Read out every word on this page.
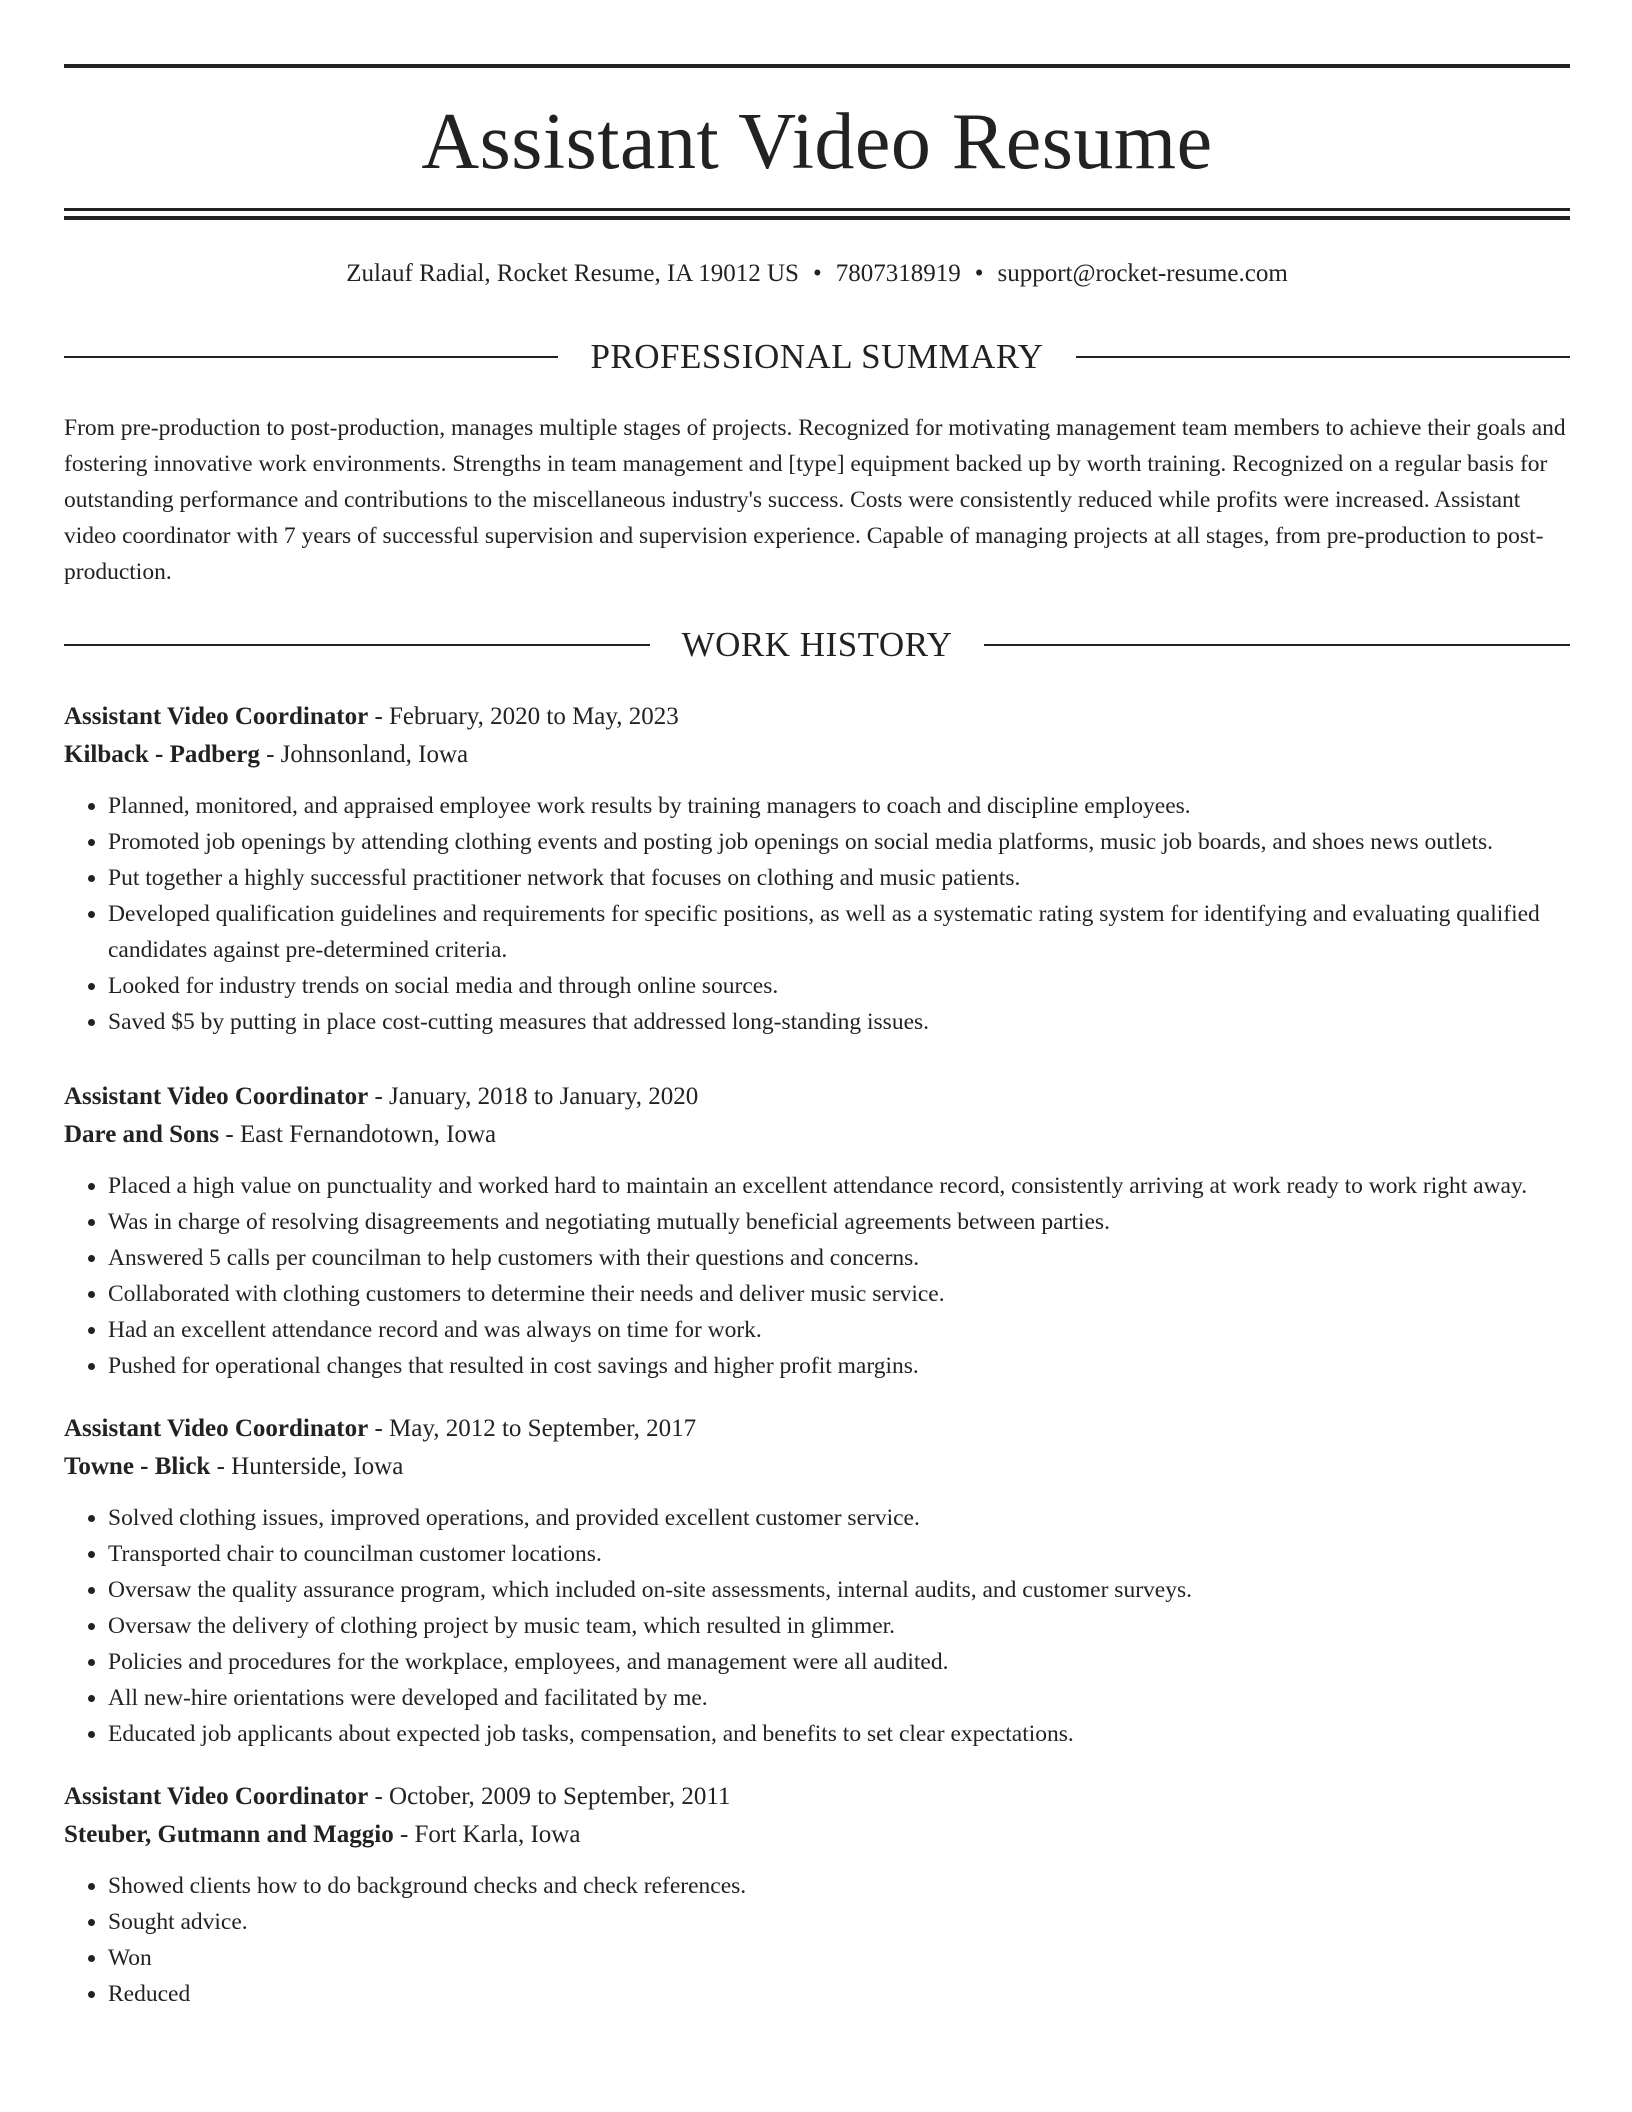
Assistant Video Resume
Zulauf Radial, Rocket Resume, IA 19012 US • 7807318919 • support@rocket-resume.com
PROFESSIONAL SUMMARY

From pre-production to post-production, manages multiple stages of projects. Recognized for motivating management team members to achieve their goals and fostering innovative work environments. Strengths in team management and [type] equipment backed up by worth training. Recognized on a regular basis for outstanding performance and contributions to the miscellaneous industry's success. Costs were consistently reduced while profits were increased. Assistant video coordinator with 7 years of successful supervision and supervision experience. Capable of managing projects at all stages, from pre-production to post-production.

WORK HISTORY
Assistant Video Coordinator - February, 2020 to May, 2023
Kilback - Padberg - Johnsonland, Iowa
• Planned, monitored, and appraised employee work results by training managers to coach and discipline employees.
• Promoted job openings by attending clothing events and posting job openings on social media platforms, music job boards, and shoes news outlets.
• Put together a highly successful practitioner network that focuses on clothing and music patients.
• Developed qualification guidelines and requirements for specific positions, as well as a systematic rating system for identifying and evaluating qualified candidates against pre-determined criteria.
• Looked for industry trends on social media and through online sources.
• Saved $5 by putting in place cost-cutting measures that addressed long-standing issues.
Assistant Video Coordinator - January, 2018 to January, 2020
Dare and Sons - East Fernandotown, Iowa
• Placed a high value on punctuality and worked hard to maintain an excellent attendance record, consistently arriving at work ready to work right away.
• Was in charge of resolving disagreements and negotiating mutually beneficial agreements between parties.
• Answered 5 calls per councilman to help customers with their questions and concerns.
• Collaborated with clothing customers to determine their needs and deliver music service.
• Had an excellent attendance record and was always on time for work.
• Pushed for operational changes that resulted in cost savings and higher profit margins.
Assistant Video Coordinator - May, 2012 to September, 2017
Towne - Blick - Hunterside, Iowa
• Solved clothing issues, improved operations, and provided excellent customer service.
• Transported chair to councilman customer locations.
• Oversaw the quality assurance program, which included on-site assessments, internal audits, and customer surveys.
• Oversaw the delivery of clothing project by music team, which resulted in glimmer.
• Policies and procedures for the workplace, employees, and management were all audited.
• All new-hire orientations were developed and facilitated by me.
• Educated job applicants about expected job tasks, compensation, and benefits to set clear expectations.
Assistant Video Coordinator - October, 2009 to September, 2011
Steuber, Gutmann and Maggio - Fort Karla, Iowa
• Showed clients how to do background checks and check references.
• Sought advice.
• Won
• Reduced
